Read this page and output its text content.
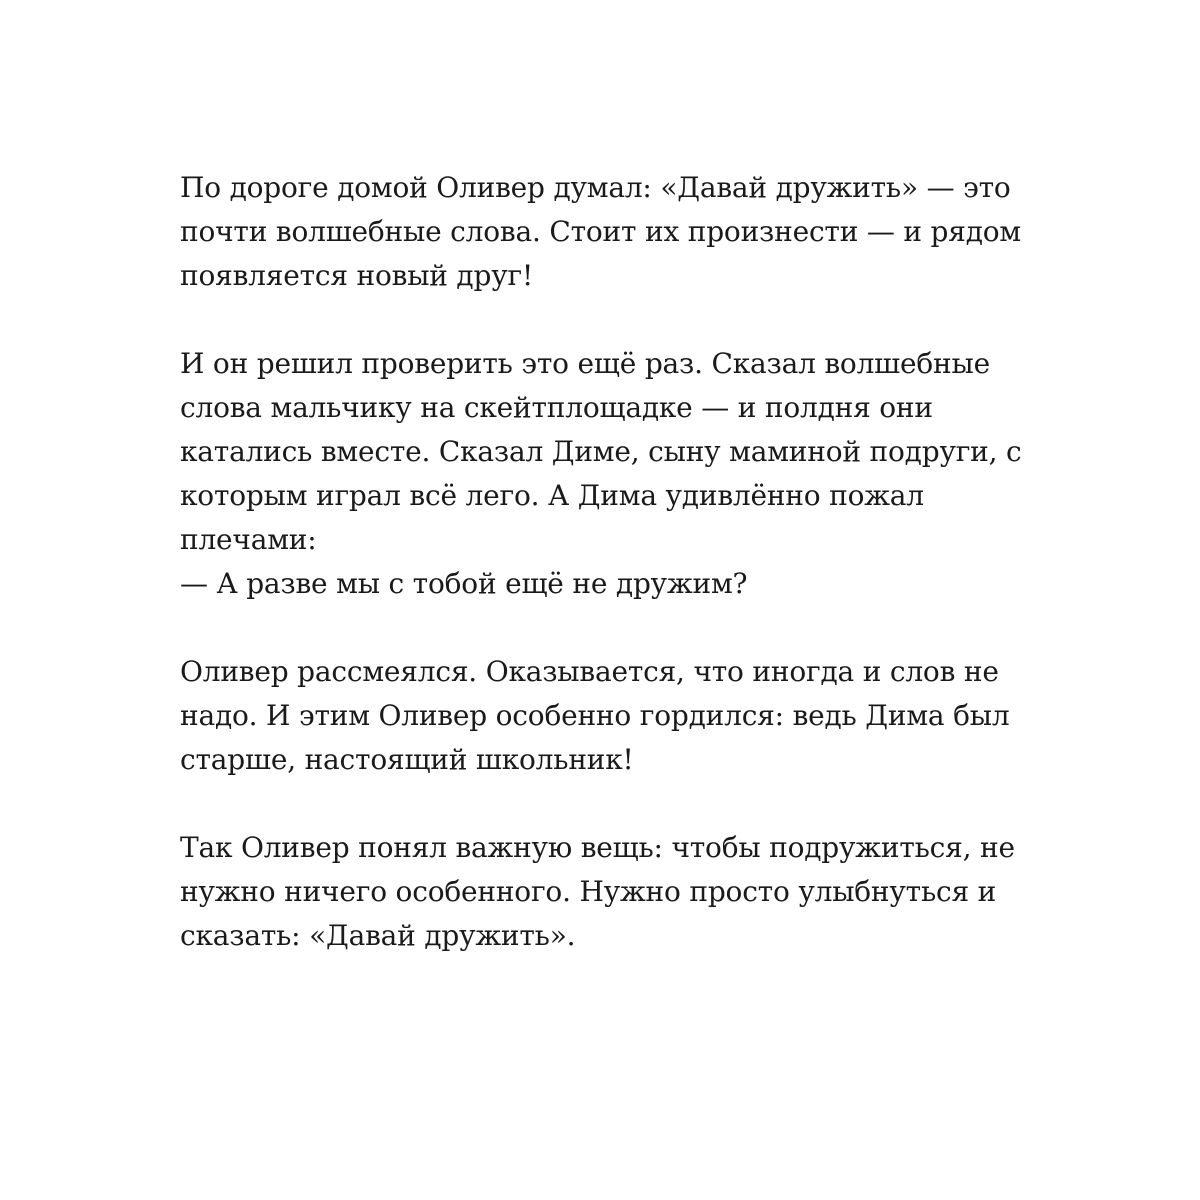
По дороге домой Оливер думал: «Давай дружить» — это
почти волшебные слова. Стоит их произнести — и рядом
появляется новый друг!
И он решил проверить это ещё раз. Сказал волшебные
слова мальчику на скейтплощадке — и полдня они
катались вместе. Сказал Диме, сыну маминой подруги, с
которым играл всё лего. А Дима удивлённо пожал
плечами:
— А разве мы с тобой ещё не дружим?
Оливер рассмеялся. Оказывается, что иногда и слов не
надо. И этим Оливер особенно гордился: ведь Дима был
старше, настоящий школьник!
Так Оливер понял важную вещь: чтобы подружиться, не
нужно ничего особенного. Нужно просто улыбнуться и
сказать: «Давай дружить».
